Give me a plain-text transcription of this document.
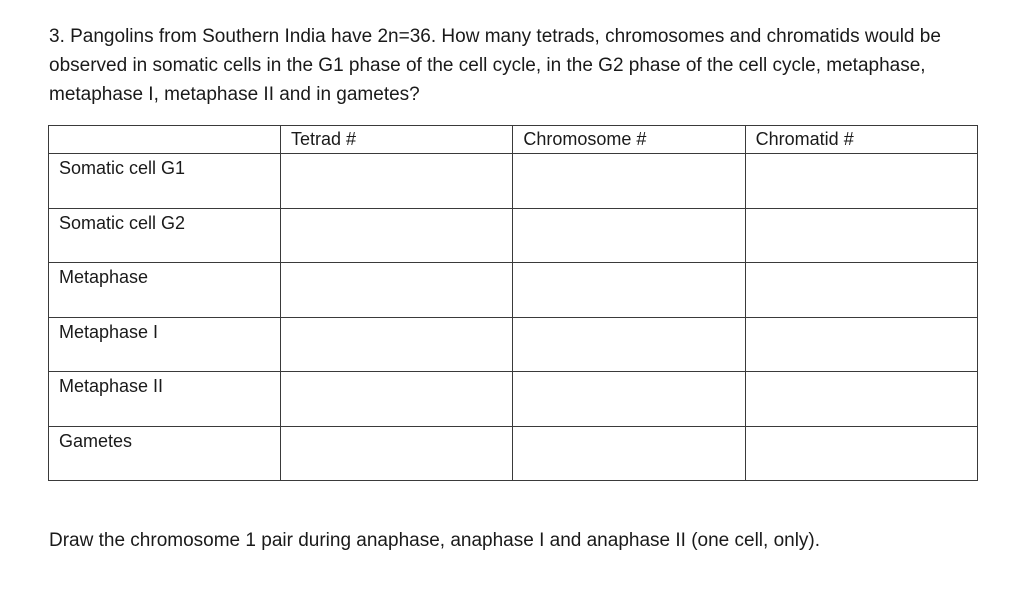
3. Pangolins from Southern India have 2n=36. How many tetrads, chromosomes and chromatids would be observed in somatic cells in the G1 phase of the cell cycle, in the G2 phase of the cell cycle, metaphase, metaphase I, metaphase II and in gametes?

	Tetrad #	Chromosome #	Chromatid #
Somatic cell G1			
Somatic cell G2			
Metaphase			
Metaphase I			
Metaphase II			
Gametes			

Draw the chromosome 1 pair during anaphase, anaphase I and anaphase II (one cell, only).
